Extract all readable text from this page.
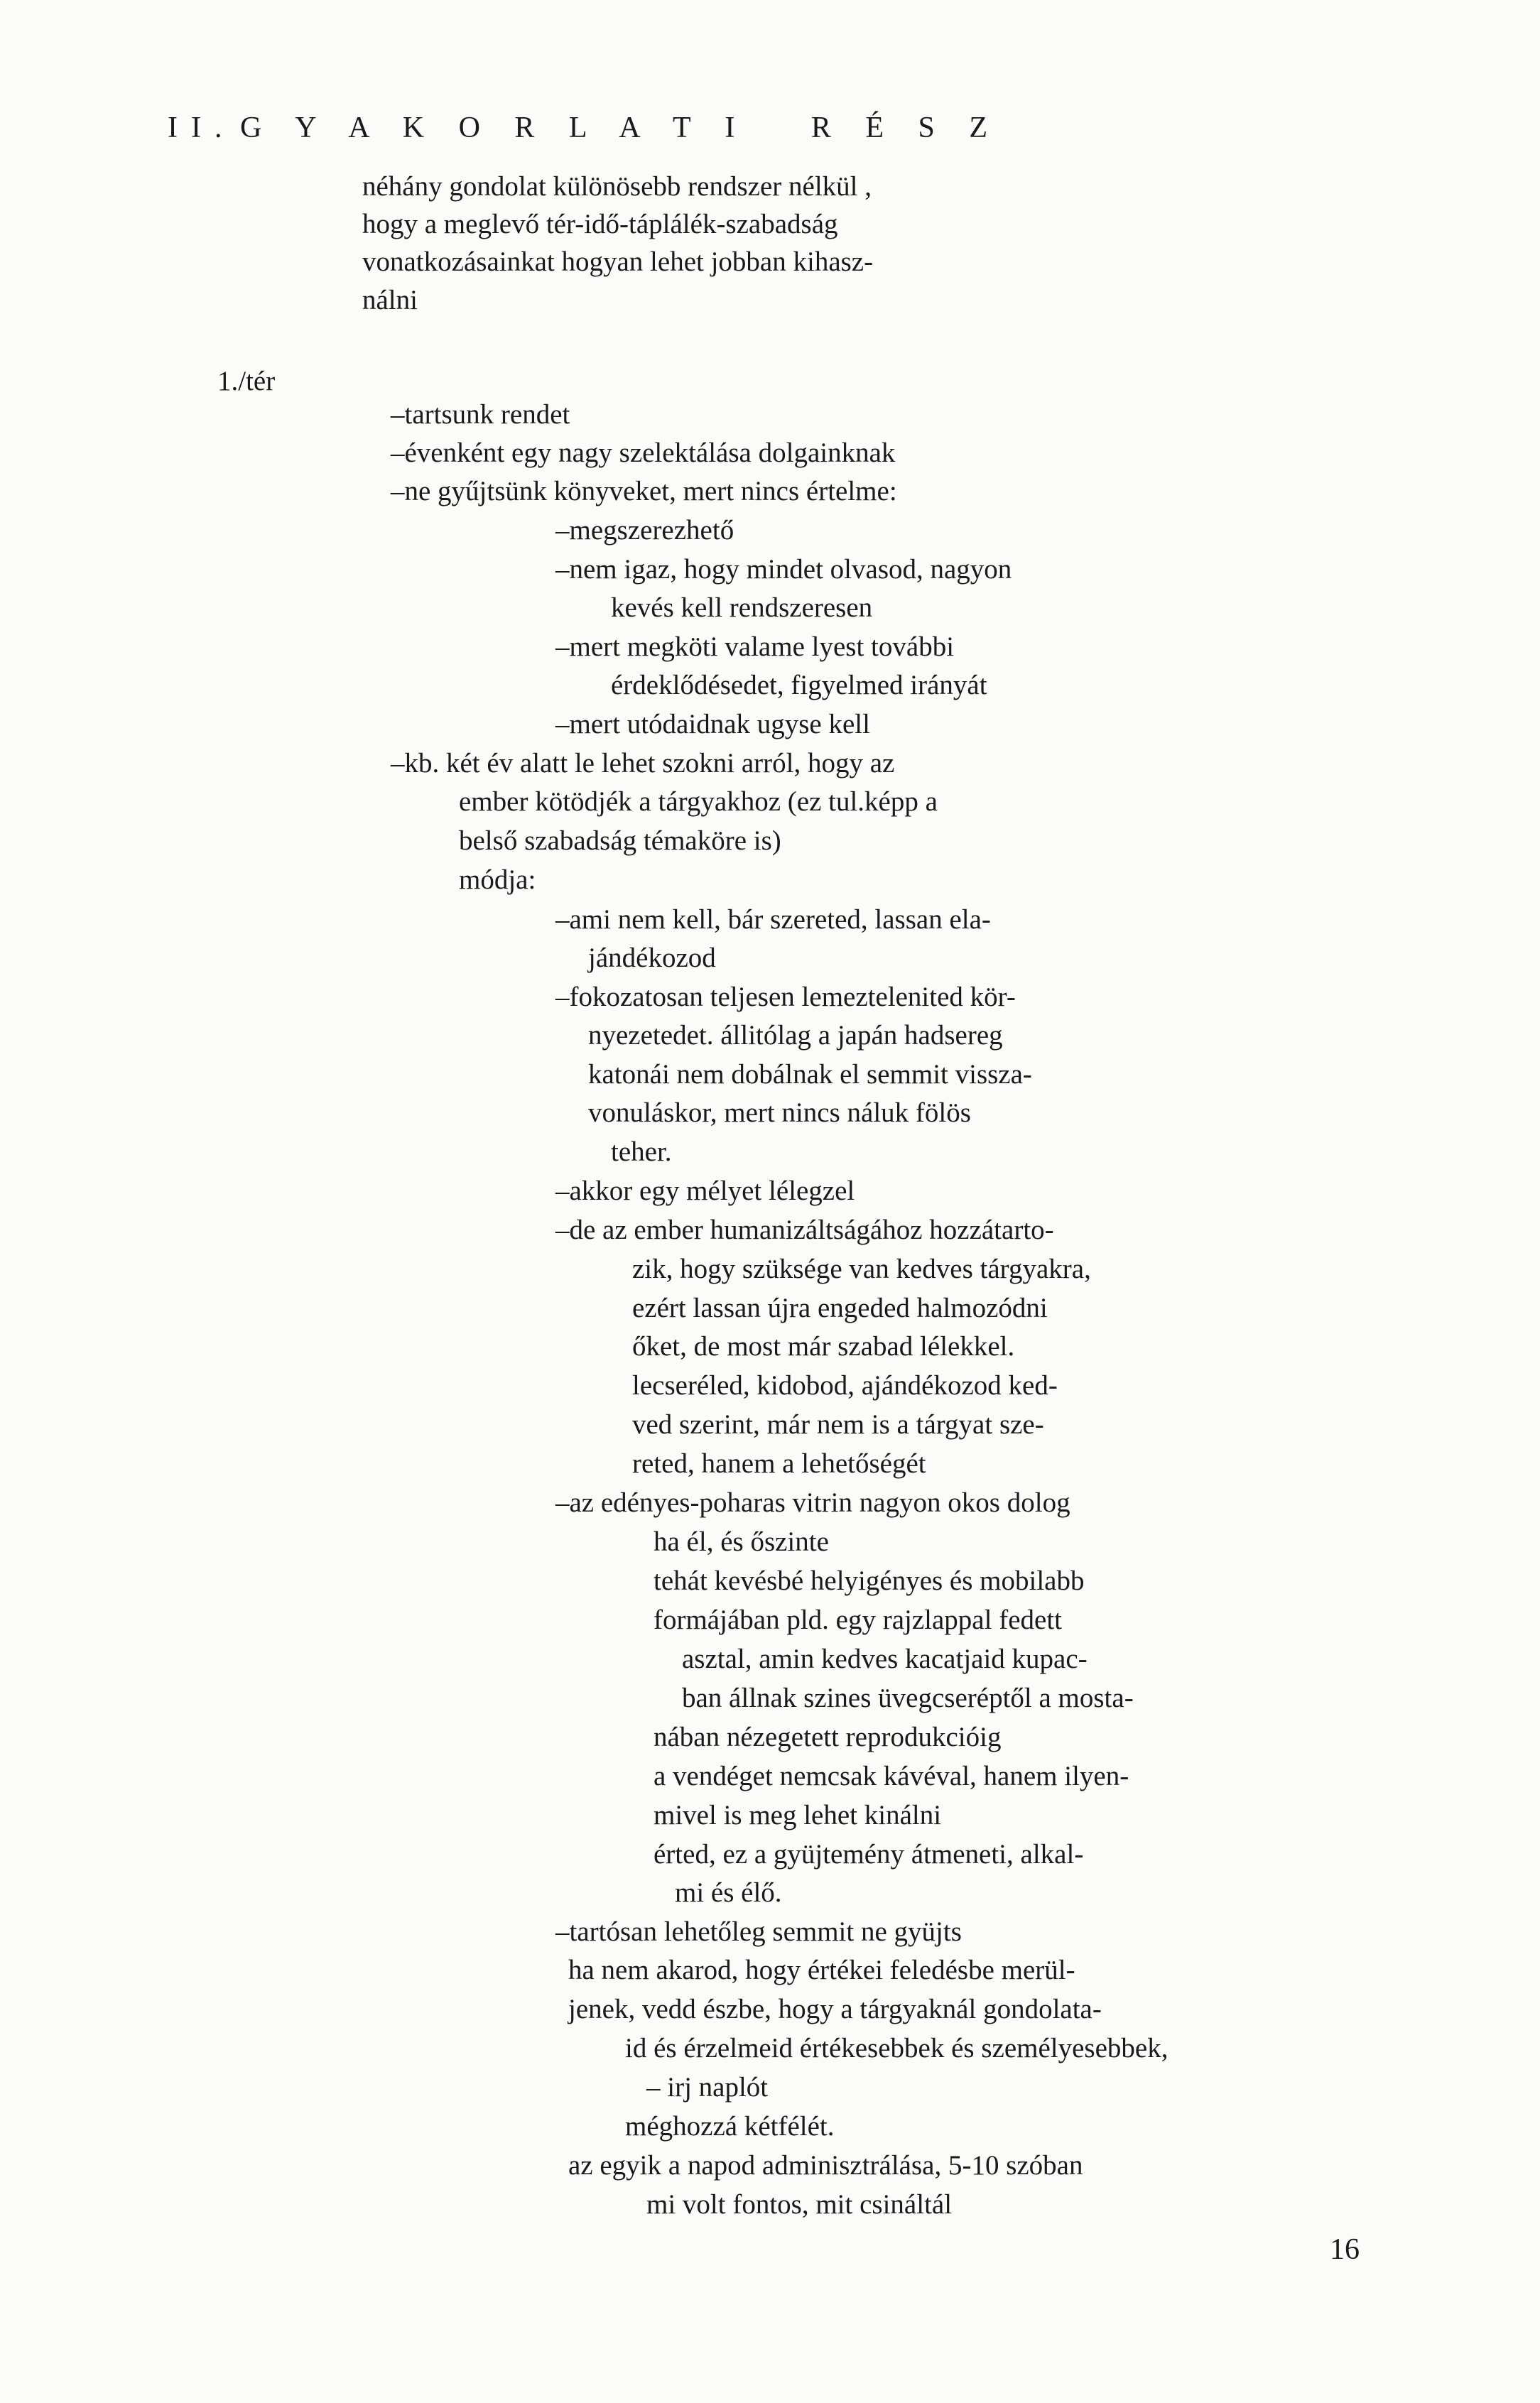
II. G Y A K O R L A T I   R É S Z
néhány gondolat különösebb rendszer nélkül ,
hogy a meglevő tér-idő-táplálék-szabadság
vonatkozásainkat hogyan lehet jobban kihasz-
nálni
1./tér
–tartsunk rendet
–évenként egy nagy szelektálása dolgainknak
–ne gyűjtsünk könyveket, mert nincs értelme:
–megszerezhető
–nem igaz, hogy mindet olvasod, nagyon
kevés kell rendszeresen
–mert megköti valame lyest további
érdeklődésedet, figyelmed irányát
–mert utódaidnak ugyse kell
–kb. két év alatt le lehet szokni arról, hogy az
ember kötödjék a tárgyakhoz (ez tul.képp a
belső szabadság témaköre is)
módja:
–ami nem kell, bár szereted, lassan ela-
jándékozod
–fokozatosan teljesen lemeztelenited kör-
nyezetedet. állitólag a japán hadsereg
katonái nem dobálnak el semmit vissza-
vonuláskor, mert nincs náluk fölös
teher.
–akkor egy mélyet lélegzel
–de az ember humanizáltságához hozzátarto-
zik, hogy szüksége van kedves tárgyakra,
ezért lassan újra engeded halmozódni
őket, de most már szabad lélekkel.
lecseréled, kidobod, ajándékozod ked-
ved szerint, már nem is a tárgyat sze-
reted, hanem a lehetőségét
–az edényes-poharas vitrin nagyon okos dolog
ha él, és őszinte
tehát kevésbé helyigényes és mobilabb
formájában pld. egy rajzlappal fedett
asztal, amin kedves kacatjaid kupac-
ban állnak szines üvegcseréptől a mosta-
nában nézegetett reprodukcióig
a vendéget nemcsak kávéval, hanem ilyen-
mivel is meg lehet kinálni
érted, ez a gyüjtemény átmeneti, alkal-
mi és élő.
–tartósan lehetőleg semmit ne gyüjts
ha nem akarod, hogy értékei feledésbe merül-
jenek, vedd észbe, hogy a tárgyaknál gondolata-
id és érzelmeid értékesebbek és személyesebbek,
– irj naplót
méghozzá kétfélét.
az egyik a napod adminisztrálása, 5-10 szóban
mi volt fontos, mit csináltál
16
